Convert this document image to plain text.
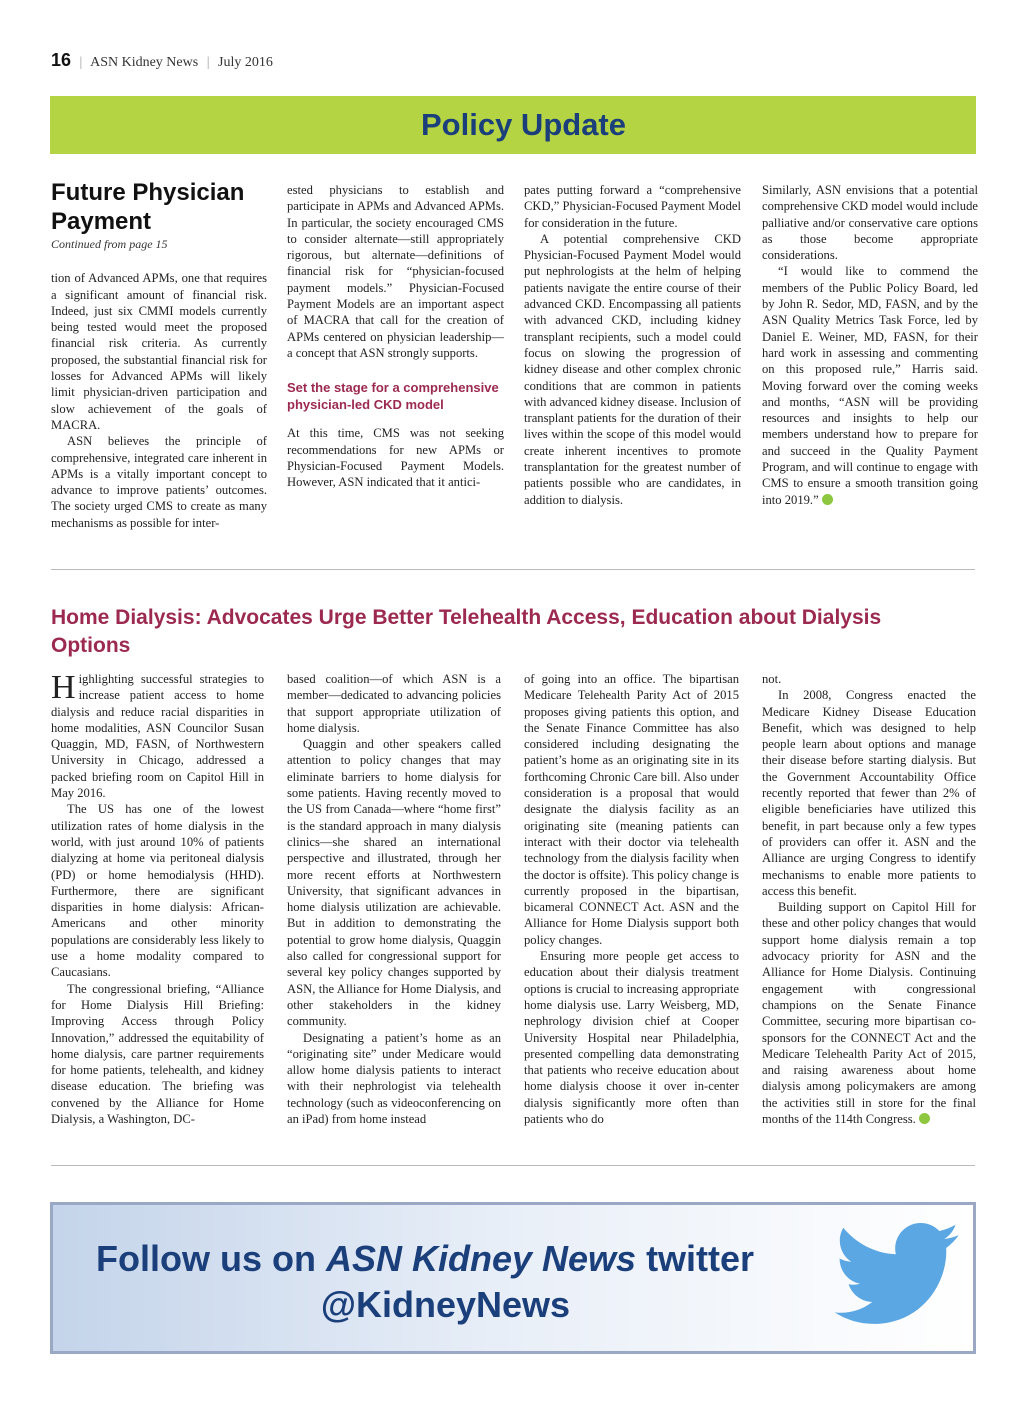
16 | ASN Kidney News | July 2016
Policy Update
Future Physician
Payment

Continued from page 15

tion of Advanced APMs, one that requires a significant amount of financial risk. Indeed, just six CMMI models currently being tested would meet the proposed financial risk criteria. As currently proposed, the substantial financial risk for losses for Advanced APMs will likely limit physician-driven participation and slow achievement of the goals of MACRA.

ASN believes the principle of comprehensive, integrated care inherent in APMs is a vitally important concept to advance to improve patients’ outcomes. The society urged CMS to create as many mechanisms as possible for inter-

ested physicians to establish and participate in APMs and Advanced APMs. In particular, the society encouraged CMS to consider alternate—still appropriately rigorous, but alternate—definitions of financial risk for “physician-focused payment models.” Physician-Focused Payment Models are an important aspect of MACRA that call for the creation of APMs centered on physician leadership—a concept that ASN strongly supports.

Set the stage for a comprehensive physician-led CKD model

At this time, CMS was not seeking recommendations for new APMs or Physician-Focused Payment Models. However, ASN indicated that it antici-

pates putting forward a “comprehensive CKD,” Physician-Focused Payment Model for consideration in the future.

A potential comprehensive CKD Physician-Focused Payment Model would put nephrologists at the helm of helping patients navigate the entire course of their advanced CKD. Encompassing all patients with advanced CKD, including kidney transplant recipients, such a model could focus on slowing the progression of kidney disease and other complex chronic conditions that are common in patients with advanced kidney disease. Inclusion of transplant patients for the duration of their lives within the scope of this model would create inherent incentives to promote transplantation for the greatest number of patients possible who are candidates, in addition to dialysis.

Similarly, ASN envisions that a potential comprehensive CKD model would include palliative and/or conservative care options as those become appropriate considerations.

“I would like to commend the members of the Public Policy Board, led by John R. Sedor, MD, FASN, and by the ASN Quality Metrics Task Force, led by Daniel E. Weiner, MD, FASN, for their hard work in assessing and commenting on this proposed rule,” Harris said. Moving forward over the coming weeks and months, “ASN will be providing resources and insights to help our members understand how to prepare for and succeed in the Quality Payment Program, and will continue to engage with CMS to ensure a smooth transition going into 2019.”

Home Dialysis: Advocates Urge Better Telehealth Access, Education about Dialysis Options

Highlighting successful strategies to increase patient access to home dialysis and reduce racial disparities in home modalities, ASN Councilor Susan Quaggin, MD, FASN, of Northwestern University in Chicago, addressed a packed briefing room on Capitol Hill in May 2016.

The US has one of the lowest utilization rates of home dialysis in the world, with just around 10% of patients dialyzing at home via peritoneal dialysis (PD) or home hemodialysis (HHD). Furthermore, there are significant disparities in home dialysis: African-Americans and other minority populations are considerably less likely to use a home modality compared to Caucasians.

The congressional briefing, “Alliance for Home Dialysis Hill Briefing: Improving Access through Policy Innovation,” addressed the equitability of home dialysis, care partner requirements for home patients, telehealth, and kidney disease education. The briefing was convened by the Alliance for Home Dialysis, a Washington, DC-

based coalition—of which ASN is a member—dedicated to advancing policies that support appropriate utilization of home dialysis.

Quaggin and other speakers called attention to policy changes that may eliminate barriers to home dialysis for some patients. Having recently moved to the US from Canada—where “home first” is the standard approach in many dialysis clinics—she shared an international perspective and illustrated, through her more recent efforts at Northwestern University, that significant advances in home dialysis utilization are achievable. But in addition to demonstrating the potential to grow home dialysis, Quaggin also called for congressional support for several key policy changes supported by ASN, the Alliance for Home Dialysis, and other stakeholders in the kidney community.

Designating a patient’s home as an “originating site” under Medicare would allow home dialysis patients to interact with their nephrologist via telehealth technology (such as videoconferencing on an iPad) from home instead

of going into an office. The bipartisan Medicare Telehealth Parity Act of 2015 proposes giving patients this option, and the Senate Finance Committee has also considered including designating the patient’s home as an originating site in its forthcoming Chronic Care bill. Also under consideration is a proposal that would designate the dialysis facility as an originating site (meaning patients can interact with their doctor via telehealth technology from the dialysis facility when the doctor is offsite). This policy change is currently proposed in the bipartisan, bicameral CONNECT Act. ASN and the Alliance for Home Dialysis support both policy changes.

Ensuring more people get access to education about their dialysis treatment options is crucial to increasing appropriate home dialysis use. Larry Weisberg, MD, nephrology division chief at Cooper University Hospital near Philadelphia, presented compelling data demonstrating that patients who receive education about home dialysis choose it over in-center dialysis significantly more often than patients who do

not.

In 2008, Congress enacted the Medicare Kidney Disease Education Benefit, which was designed to help people learn about options and manage their disease before starting dialysis. But the Government Accountability Office recently reported that fewer than 2% of eligible beneficiaries have utilized this benefit, in part because only a few types of providers can offer it. ASN and the Alliance are urging Congress to identify mechanisms to enable more patients to access this benefit.

Building support on Capitol Hill for these and other policy changes that would support home dialysis remain a top advocacy priority for ASN and the Alliance for Home Dialysis. Continuing engagement with congressional champions on the Senate Finance Committee, securing more bipartisan co-sponsors for the CONNECT Act and the Medicare Telehealth Parity Act of 2015, and raising awareness about home dialysis among policymakers are among the activities still in store for the final months of the 114th Congress.

Follow us on ASN Kidney News twitter
@KidneyNews
